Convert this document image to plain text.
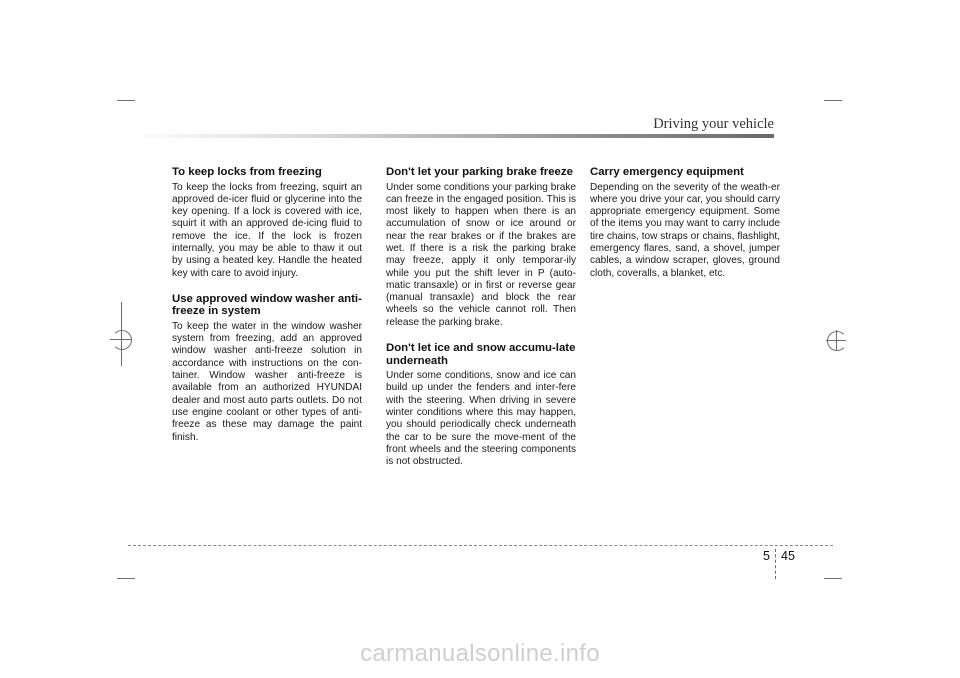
Driving your vehicle
To keep locks from freezing

To keep the locks from freezing, squirt an approved de-icer fluid or glycerine into the key opening. If a lock is covered with ice, squirt it with an approved de-icing fluid to remove the ice. If the lock is frozen internally, you may be able to thaw it out by using a heated key. Handle the heated key with care to avoid injury.

Use approved window washer anti-freeze in system

To keep the water in the window washer system from freezing, add an approved window washer anti-freeze solution in accordance with instructions on the con-tainer. Window washer anti-freeze is available from an authorized HYUNDAI dealer and most auto parts outlets. Do not use engine coolant or other types of anti-freeze as these may damage the paint finish.

Don't let your parking brake freeze

Under some conditions your parking brake can freeze in the engaged position. This is most likely to happen when there is an accumulation of snow or ice around or near the rear brakes or if the brakes are wet. If there is a risk the parking brake may freeze, apply it only temporar-ily while you put the shift lever in P (auto-matic transaxle) or in first or reverse gear (manual transaxle) and block the rear wheels so the vehicle cannot roll. Then release the parking brake.

Don't let ice and snow accumu-late underneath

Under some conditions, snow and ice can build up under the fenders and inter-fere with the steering. When driving in severe winter conditions where this may happen, you should periodically check underneath the car to be sure the move-ment of the front wheels and the steering components is not obstructed.

Carry emergency equipment

Depending on the severity of the weath-er where you drive your car, you should carry appropriate emergency equipment. Some of the items you may want to carry include tire chains, tow straps or chains, flashlight, emergency flares, sand, a shovel, jumper cables, a window scraper, gloves, ground cloth, coveralls, a blanket, etc.

5 45
carmanualsonline.info
